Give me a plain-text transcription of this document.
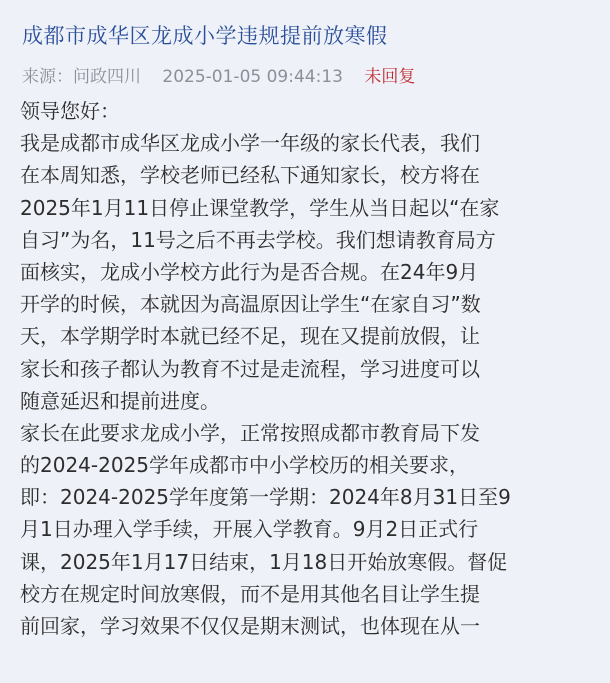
成都市成华区龙成小学违规提前放寒假
来源：问政四川 2025-01-05 09:44:13 未回复
领导您好：
我是成都市成华区龙成小学一年级的家长代表，我们
在本周知悉，学校老师已经私下通知家长，校方将在
2025年1月11日停止课堂教学，学生从当日起以“在家
自习”为名，11号之后不再去学校。我们想请教育局方
面核实，龙成小学校方此行为是否合规。在24年9月
开学的时候，本就因为高温原因让学生“在家自习”数
天，本学期学时本就已经不足，现在又提前放假，让
家长和孩子都认为教育不过是走流程，学习进度可以
随意延迟和提前进度。
家长在此要求龙成小学，正常按照成都市教育局下发
的2024-2025学年成都市中小学校历的相关要求，
即：2024-2025学年度第一学期：2024年8月31日至9
月1日办理入学手续，开展入学教育。9月2日正式行
课，2025年1月17日结束，1月18日开始放寒假。督促
校方在规定时间放寒假，而不是用其他名目让学生提
前回家，学习效果不仅仅是期末测试，也体现在从一
